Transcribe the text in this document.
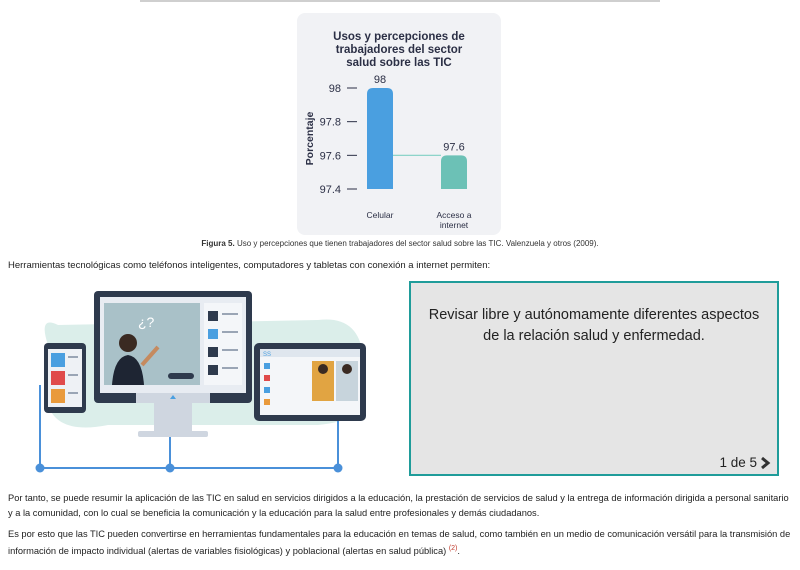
Usos y percepciones de
trabajadores del sector
salud sobre las TIC
Porcentaje
97.4
97.6
97.8
98
98
Celular
97.6
Acceso a
internet
Figura 5. Uso y percepciones que tienen trabajadores del sector salud sobre las TIC. Valenzuela y otros (2009).
Herramientas tecnológicas como teléfonos inteligentes, computadores y tabletas con conexión a internet permiten:
¿?
SS
Revisar libre y autónomamente diferentes aspectos de la relación salud y enfermedad.
1 de 5
Por tanto, se puede resumir la aplicación de las TIC en salud en servicios dirigidos a la educación, la prestación de servicios de salud y la entrega de información dirigida a personal sanitario y a la comunidad, con lo cual se beneficia la comunicación y la educación para la salud entre profesionales y demás ciudadanos.
Es por esto que las TIC pueden convertirse en herramientas fundamentales para la educación en temas de salud, como también en un medio de comunicación versátil para la transmisión de información de impacto individual (alertas de variables fisiológicas) y poblacional (alertas en salud pública) $^{(2)}$.
